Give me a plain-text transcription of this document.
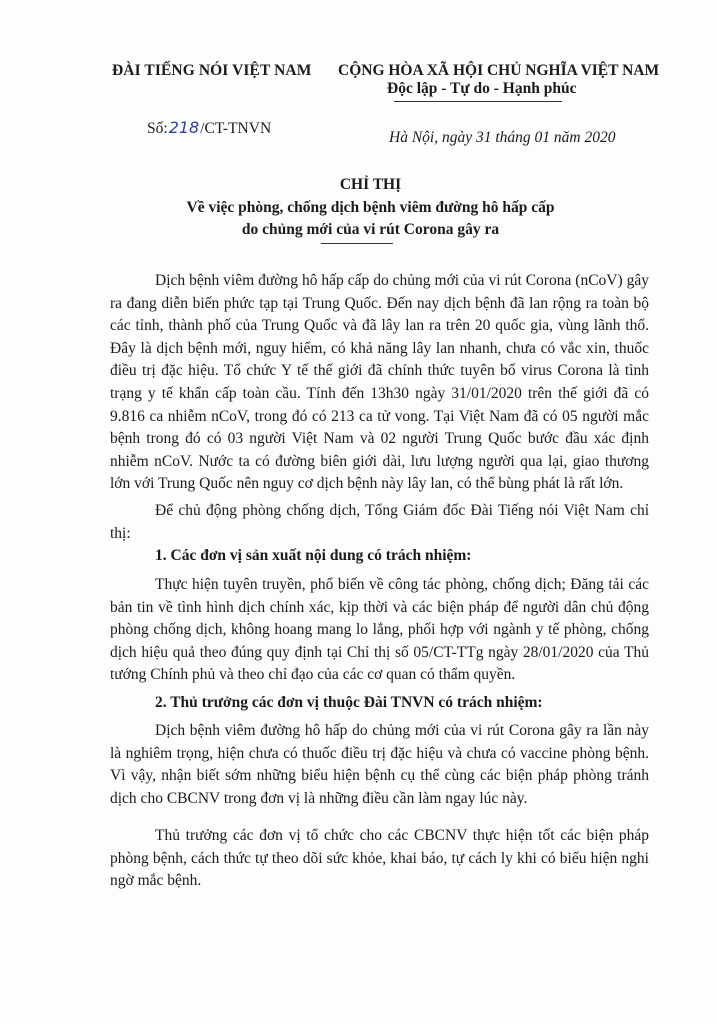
ĐÀI TIẾNG NÓI VIỆT NAM CỘNG HÒA XÃ HỘI CHỦ NGHĨA VIỆT NAM
Độc lập - Tự do - Hạnh phúc
Số:218/CT-TNVN
Hà Nội, ngày 31 tháng 01 năm 2020
CHỈ THỊ
Về việc phòng, chống dịch bệnh viêm đường hô hấp cấp
do chủng mới của vi rút Corona gây ra

Dịch bệnh viêm đường hô hấp cấp do chủng mới của vi rút Corona (nCoV) gây ra đang diễn biến phức tạp tại Trung Quốc. Đến nay dịch bệnh đã lan rộng ra toàn bộ các tỉnh, thành phố của Trung Quốc và đã lây lan ra trên 20 quốc gia, vùng lãnh thổ. Đây là dịch bệnh mới, nguy hiểm, có khả năng lây lan nhanh, chưa có vắc xin, thuốc điều trị đặc hiệu. Tổ chức Y tế thế giới đã chính thức tuyên bố virus Corona là tình trạng y tế khẩn cấp toàn cầu. Tính đến 13h30 ngày 31/01/2020 trên thế giới đã có 9.816 ca nhiễm nCoV, trong đó có 213 ca tử vong. Tại Việt Nam đã có 05 người mắc bệnh trong đó có 03 người Việt Nam và 02 người Trung Quốc bước đầu xác định nhiễm nCoV. Nước ta có đường biên giới dài, lưu lượng người qua lại, giao thương lớn với Trung Quốc nên nguy cơ dịch bệnh này lây lan, có thể bùng phát là rất lớn.

Để chủ động phòng chống dịch, Tổng Giám đốc Đài Tiếng nói Việt Nam chỉ thị:

1. Các đơn vị sản xuất nội dung có trách nhiệm:

Thực hiện tuyên truyền, phổ biến về công tác phòng, chống dịch; Đăng tải các bản tin về tình hình dịch chính xác, kịp thời và các biện pháp để người dân chủ động phòng chống dịch, không hoang mang lo lắng, phối hợp với ngành y tế phòng, chống dịch hiệu quả theo đúng quy định tại Chỉ thị số 05/CT-TTg ngày 28/01/2020 của Thủ tướng Chính phủ và theo chỉ đạo của các cơ quan có thẩm quyền.

2. Thủ trưởng các đơn vị thuộc Đài TNVN có trách nhiệm:

Dịch bệnh viêm đường hô hấp do chủng mới của vi rút Corona gây ra lần này là nghiêm trọng, hiện chưa có thuốc điều trị đặc hiệu và chưa có vaccine phòng bệnh. Vì vậy, nhận biết sớm những biểu hiện bệnh cụ thể cùng các biện pháp phòng tránh dịch cho CBCNV trong đơn vị là những điều cần làm ngay lúc này.

Thủ trưởng các đơn vị tổ chức cho các CBCNV thực hiện tốt các biện pháp phòng bệnh, cách thức tự theo dõi sức khỏe, khai báo, tự cách ly khi có biểu hiện nghi ngờ mắc bệnh.
